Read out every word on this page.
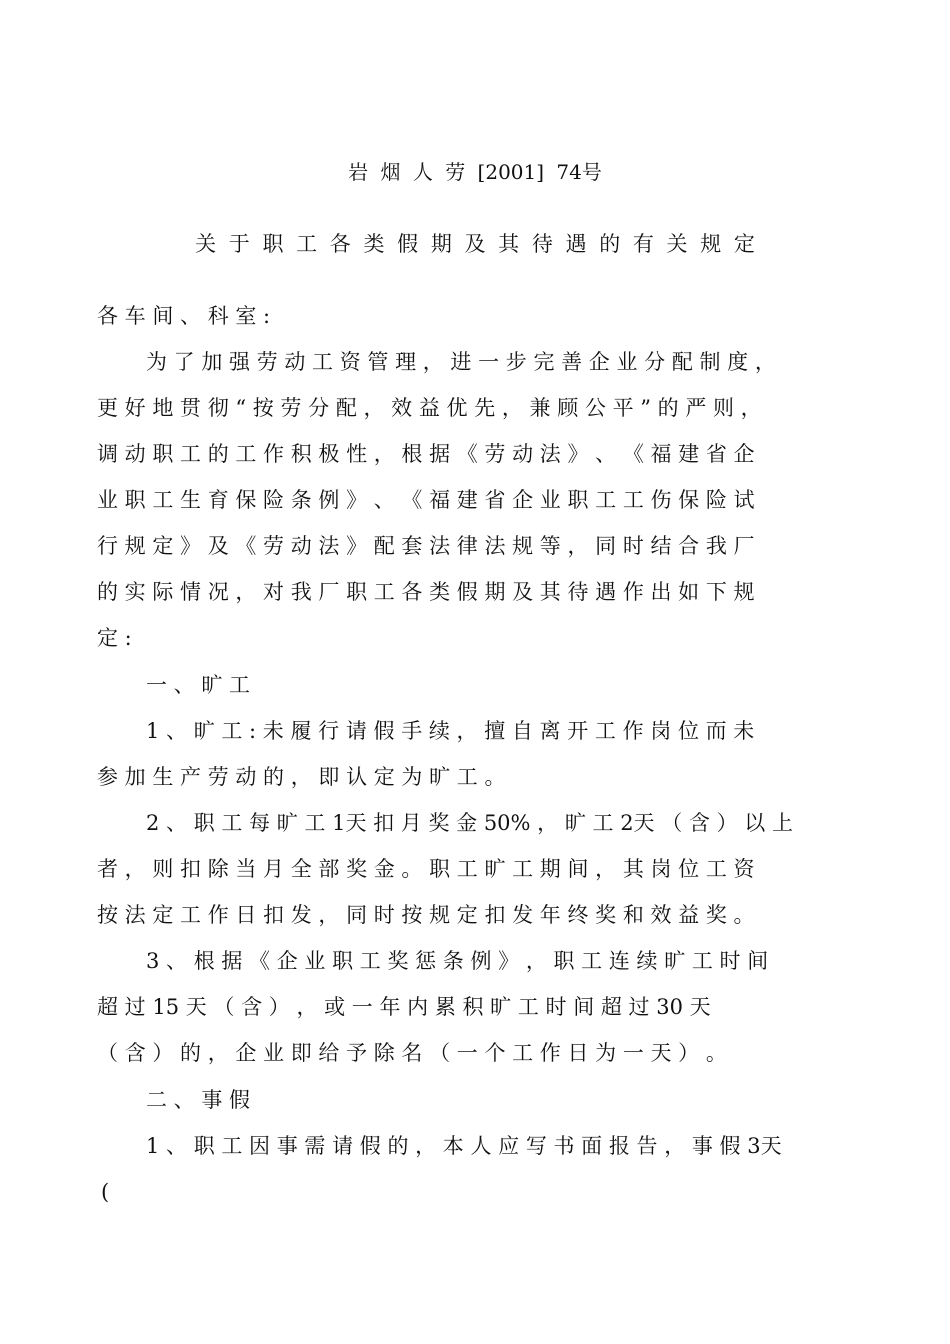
岩 烟 人 劳 [2001] 74号
关 于 职 工 各 类 假 期 及 其 待 遇 的 有 关 规 定
各 车 间 、 科 室 :
为 了 加 强 劳 动 工 资 管 理 ， 进 一 步 完 善 企 业 分 配 制 度 ，
更 好 地 贯 彻 “ 按 劳 分 配 ， 效 益 优 先 ， 兼 顾 公 平 ” 的 严 则 ，
调 动 职 工 的 工 作 积 极 性 ， 根 据 《 劳 动 法 》 、 《 福 建 省 企
业 职 工 生 育 保 险 条 例 》 、 《 福 建 省 企 业 职 工 工 伤 保 险 试
行 规 定 》 及 《 劳 动 法 》 配 套 法 律 法 规 等 ， 同 时 结 合 我 厂
的 实 际 情 况 ， 对 我 厂 职 工 各 类 假 期 及 其 待 遇 作 出 如 下 规
定 :
一 、 旷 工
1 、 旷 工 : 未 履 行 请 假 手 续 ， 擅 自 离 开 工 作 岗 位 而 未
参 加 生 产 劳 动 的 ， 即 认 定 为 旷 工 。
2 、 职 工 每 旷 工 1天 扣 月 奖 金 50% ， 旷 工 2天 （ 含 ） 以 上
者 ， 则 扣 除 当 月 全 部 奖 金 。 职 工 旷 工 期 间 ， 其 岗 位 工 资
按 法 定 工 作 日 扣 发 ， 同 时 按 规 定 扣 发 年 终 奖 和 效 益 奖 。
3 、 根 据 《 企 业 职 工 奖 惩 条 例 》 ， 职 工 连 续 旷 工 时 间
超 过 15 天 （ 含 ） ， 或 一 年 内 累 积 旷 工 时 间 超 过 30 天
（ 含 ） 的 ， 企 业 即 给 予 除 名 （ 一 个 工 作 日 为 一 天 ） 。
二 、 事 假
1 、 职 工 因 事 需 请 假 的 ， 本 人 应 写 书 面 报 告 ， 事 假 3天
(
